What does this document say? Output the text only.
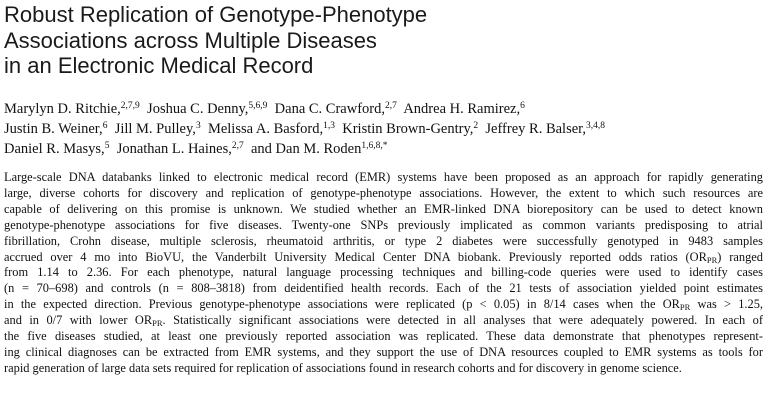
Robust Replication of Genotype-Phenotype
Associations across Multiple Diseases
in an Electronic Medical Record
Marylyn D. Ritchie,$^{2,7,9}$ Joshua C. Denny,$^{5,6,9}$ Dana C. Crawford,$^{2,7}$ Andrea H. Ramirez,$^6$
Justin B. Weiner,$^6$ Jill M. Pulley,$^3$ Melissa A. Basford,$^{1,3}$ Kristin Brown-Gentry,$^2$ Jeffrey R. Balser,$^{3,4,8}$
Daniel R. Masys,$^5$ Jonathan L. Haines,$^{2,7}$ and Dan M. Roden$^{1,6,8,*}$
Large-scale DNA databanks linked to electronic medical record (EMR) systems have been proposed as an approach for rapidly generating
large, diverse cohorts for discovery and replication of genotype-phenotype associations. However, the extent to which such resources are
capable of delivering on this promise is unknown. We studied whether an EMR-linked DNA biorepository can be used to detect known
genotype-phenotype associations for five diseases. Twenty-one SNPs previously implicated as common variants predisposing to atrial
fibrillation, Crohn disease, multiple sclerosis, rheumatoid arthritis, or type 2 diabetes were successfully genotyped in 9483 samples
accrued over 4 mo into BioVU, the Vanderbilt University Medical Center DNA biobank. Previously reported odds ratios $(OR_{PR})$ ranged
from 1.14 to 2.36. For each phenotype, natural language processing techniques and billing-code queries were used to identify cases
(n = 70–698) and controls (n = 808–3818) from deidentified health records. Each of the 21 tests of association yielded point estimates
in the expected direction. Previous genotype-phenotype associations were replicated (p < 0.05) in 8/14 cases when the $OR_{PR}$ was > 1.25,
and in 0/7 with lower $OR_{PR}$. Statistically significant associations were detected in all analyses that were adequately powered. In each of
the five diseases studied, at least one previously reported association was replicated. These data demonstrate that phenotypes represent-
ing clinical diagnoses can be extracted from EMR systems, and they support the use of DNA resources coupled to EMR systems as tools for
rapid generation of large data sets required for replication of associations found in research cohorts and for discovery in genome science.
